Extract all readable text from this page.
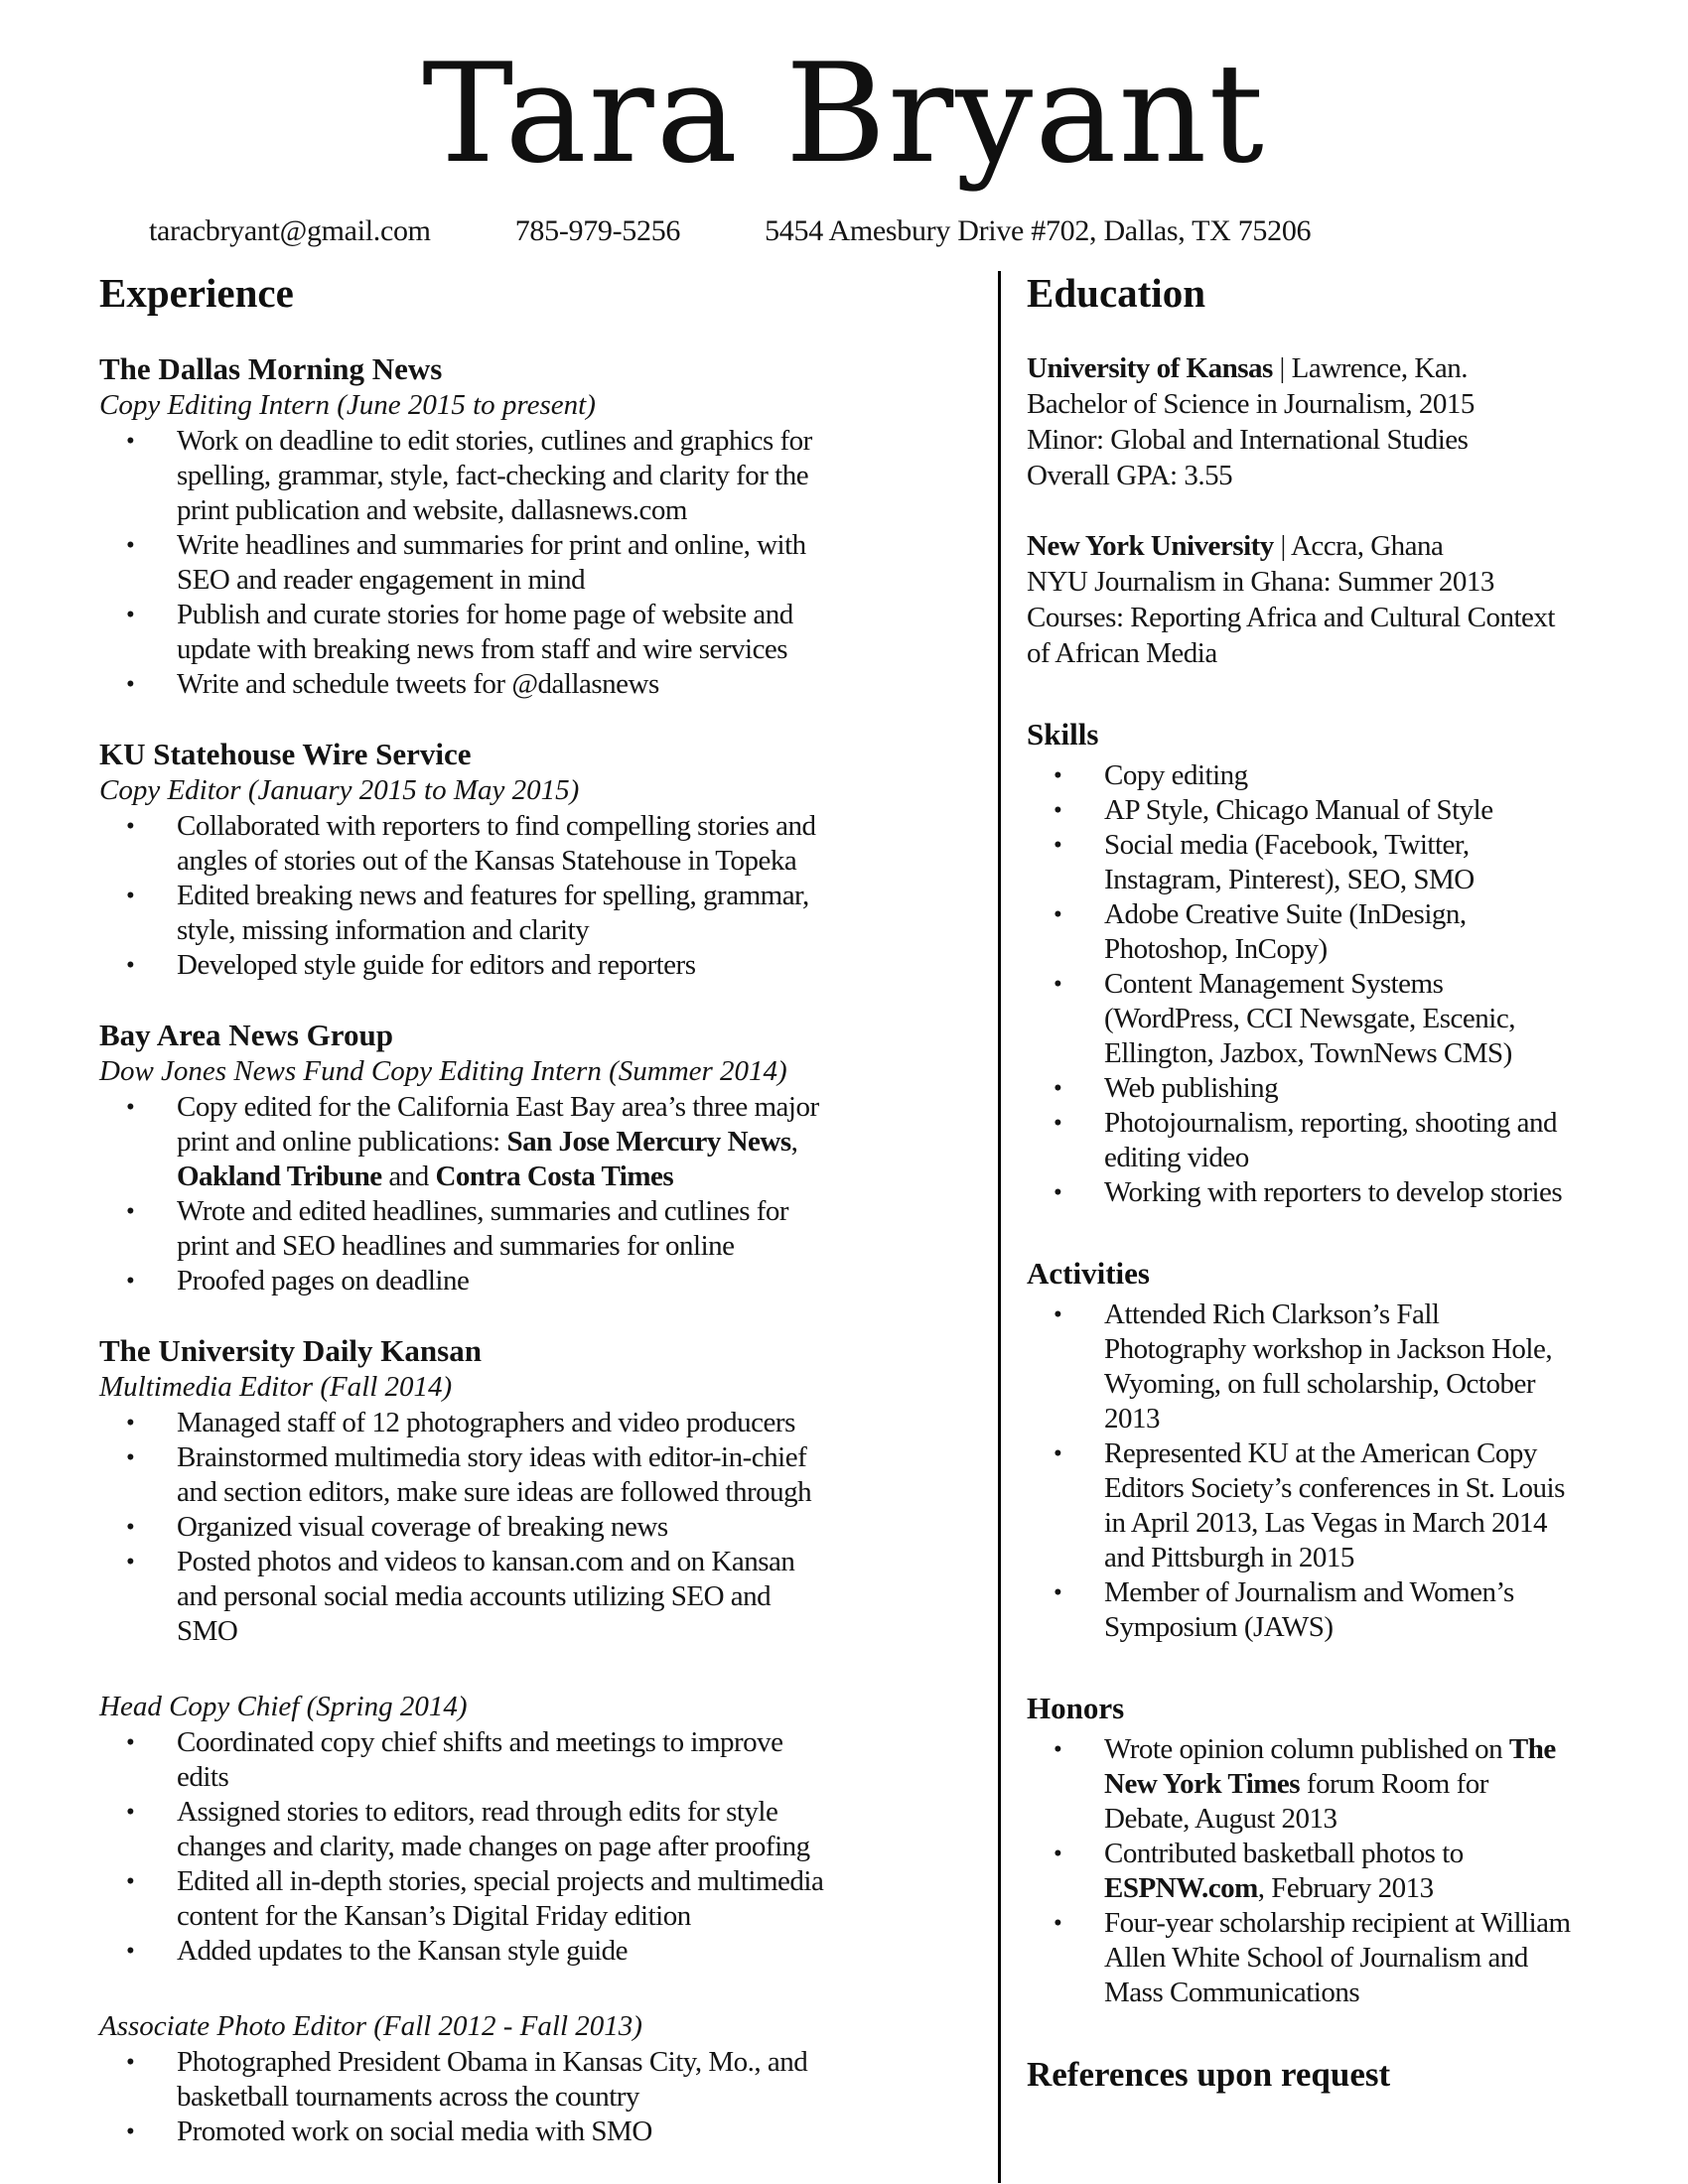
Tara Bryant
taracbryant@gmail.com	785-979-5256	5454 Amesbury Drive #702, Dallas, TX 75206
Experience
The Dallas Morning News
Copy Editing Intern (June 2015 to present)
•	Work on deadline to edit stories, cutlines and graphics for spelling, grammar, style, fact-checking and clarity for the print publication and website, dallasnews.com
•	Write headlines and summaries for print and online, with SEO and reader engagement in mind
•	Publish and curate stories for home page of website and update with breaking news from staff and wire services
•	Write and schedule tweets for @dallasnews
KU Statehouse Wire Service
Copy Editor (January 2015 to May 2015)
•	Collaborated with reporters to find compelling stories and angles of stories out of the Kansas Statehouse in Topeka
•	Edited breaking news and features for spelling, grammar, style, missing information and clarity
•	Developed style guide for editors and reporters
Bay Area News Group
Dow Jones News Fund Copy Editing Intern (Summer 2014)
•	Copy edited for the California East Bay area’s three major print and online publications: San Jose Mercury News, Oakland Tribune and Contra Costa Times
•	Wrote and edited headlines, summaries and cutlines for print and SEO headlines and summaries for online
•	Proofed pages on deadline
The University Daily Kansan
Multimedia Editor (Fall 2014)
•	Managed staff of 12 photographers and video producers
•	Brainstormed multimedia story ideas with editor-in-chief and section editors, make sure ideas are followed through
•	Organized visual coverage of breaking news
•	Posted photos and videos to kansan.com and on Kansan and personal social media accounts utilizing SEO and SMO
Head Copy Chief (Spring 2014)
•	Coordinated copy chief shifts and meetings to improve edits
•	Assigned stories to editors, read through edits for style changes and clarity, made changes on page after proofing
•	Edited all in-depth stories, special projects and multimedia content for the Kansan’s Digital Friday edition
•	Added updates to the Kansan style guide
Associate Photo Editor (Fall 2012 - Fall 2013)
•	Photographed President Obama in Kansas City, Mo., and basketball tournaments across the country
•	Promoted work on social media with SMO
Education
University of Kansas | Lawrence, Kan.
Bachelor of Science in Journalism, 2015
Minor: Global and International Studies
Overall GPA: 3.55
New York University | Accra, Ghana
NYU Journalism in Ghana: Summer 2013
Courses: Reporting Africa and Cultural Context of African Media
Skills
•	Copy editing
•	AP Style, Chicago Manual of Style
•	Social media (Facebook, Twitter, Instagram, Pinterest), SEO, SMO
•	Adobe Creative Suite (InDesign, Photoshop, InCopy)
•	Content Management Systems (WordPress, CCI Newsgate, Escenic, Ellington, Jazbox, TownNews CMS)
•	Web publishing
•	Photojournalism, reporting, shooting and editing video
•	Working with reporters to develop stories
Activities
•	Attended Rich Clarkson’s Fall Photography workshop in Jackson Hole, Wyoming, on full scholarship, October 2013
•	Represented KU at the American Copy Editors Society’s conferences in St. Louis in April 2013, Las Vegas in March 2014 and Pittsburgh in 2015
•	Member of Journalism and Women’s Symposium (JAWS)
Honors
•	Wrote opinion column published on The New York Times forum Room for Debate, August 2013
•	Contributed basketball photos to ESPNW.com, February 2013
•	Four-year scholarship recipient at William Allen White School of Journalism and Mass Communications
References upon request
